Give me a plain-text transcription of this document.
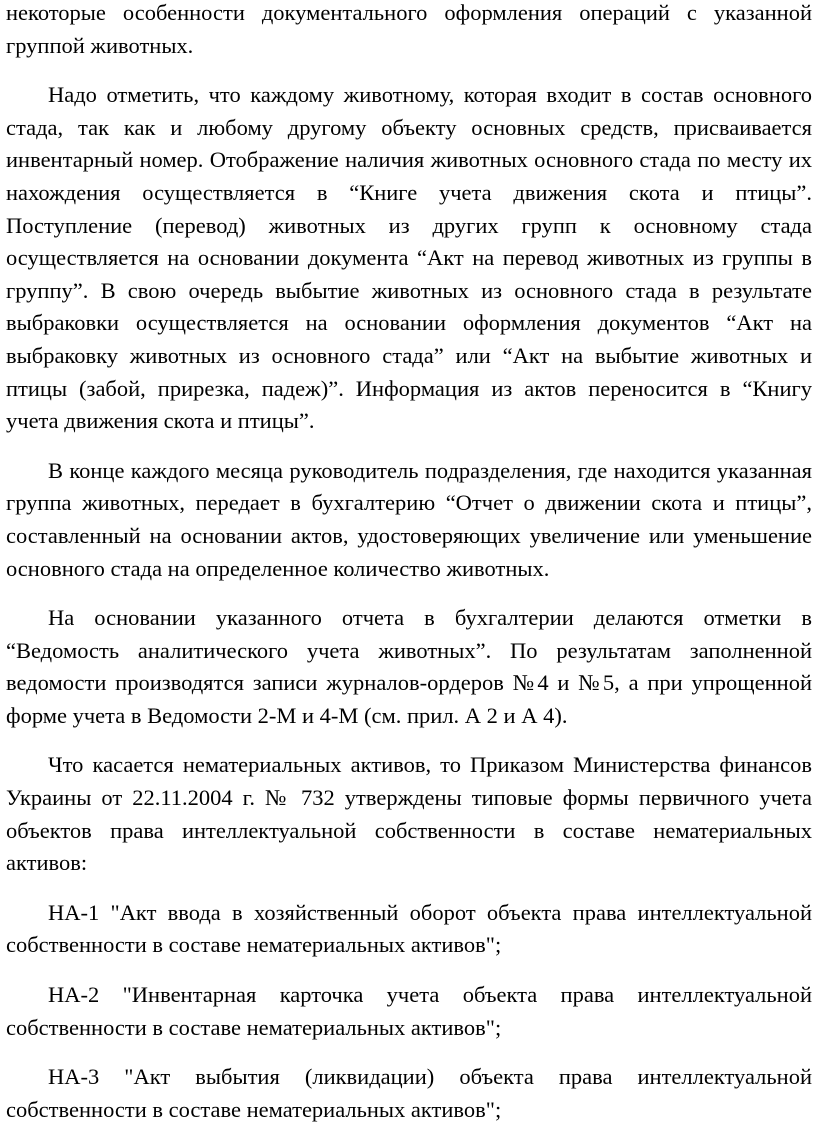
некоторые особенности документального оформления операций с указанной группой животных.

Надо отметить, что каждому животному, которая входит в состав основного стада, так как и любому другому объекту основных средств, присваивается инвентарный номер. Отображение наличия животных основного стада по месту их нахождения осуществляется в “Книге учета движения скота и птицы”. Поступление (перевод) животных из других групп к основному стада осуществляется на основании документа “Акт на перевод животных из группы в группу”. В свою очередь выбытие животных из основного стада в результате выбраковки осуществляется на основании оформления документов “Акт на выбраковку животных из основного стада” или “Акт на выбытие животных и птицы (забой, прирезка, падеж)”. Информация из актов переносится в “Книгу учета движения скота и птицы”.

В конце каждого месяца руководитель подразделения, где находится указанная группа животных, передает в бухгалтерию “Отчет о движении скота и птицы”, составленный на основании актов, удостоверяющих увеличение или уменьшение основного стада на определенное количество животных.

На основании указанного отчета в бухгалтерии делаются отметки в “Ведомость аналитического учета животных”. По результатам заполненной ведомости производятся записи журналов-ордеров №4 и №5, а при упрощенной форме учета в Ведомости 2-М и 4-М (см. прил. А 2 и А 4).

Что касается нематериальных активов, то Приказом Министерства финансов Украины от 22.11.2004 г. № 732 утверждены типовые формы первичного учета объектов права интеллектуальной собственности в составе нематериальных активов:

НА-1 "Акт ввода в хозяйственный оборот объекта права интеллектуальной собственности в составе нематериальных активов";

НА-2 "Инвентарная карточка учета объекта права интеллектуальной собственности в составе нематериальных активов";

НА-3 "Акт выбытия (ликвидации) объекта права интеллектуальной собственности в составе нематериальных активов";
